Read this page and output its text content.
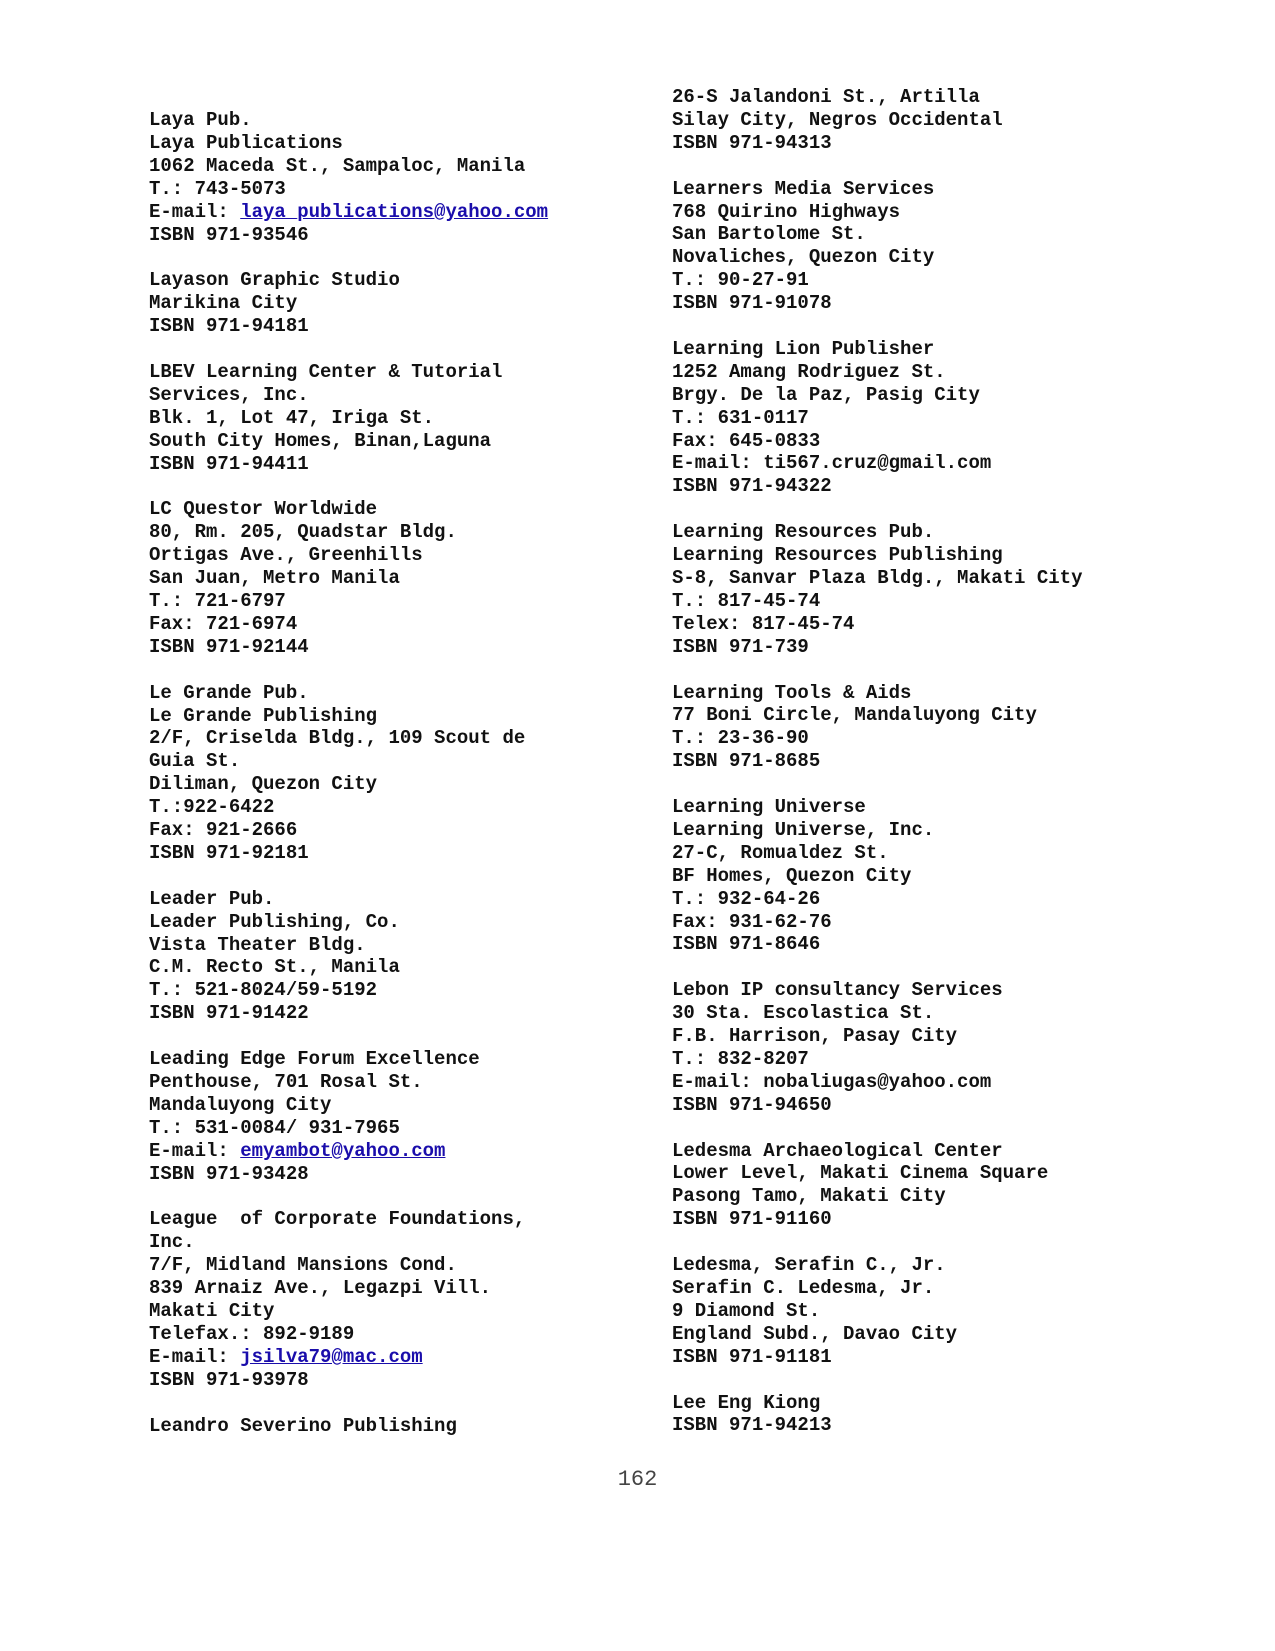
Laya Pub.
Laya Publications
1062 Maceda St., Sampaloc, Manila
T.: 743-5073
E-mail: laya_publications@yahoo.com
ISBN 971-93546
Layason Graphic Studio
Marikina City
ISBN 971-94181
LBEV Learning Center & Tutorial
Services, Inc.
Blk. 1, Lot 47, Iriga St.
South City Homes, Binan,Laguna
ISBN 971-94411
LC Questor Worldwide
80, Rm. 205, Quadstar Bldg.
Ortigas Ave., Greenhills
San Juan, Metro Manila
T.: 721-6797
Fax: 721-6974
ISBN 971-92144
Le Grande Pub.
Le Grande Publishing
2/F, Criselda Bldg., 109 Scout de
Guia St.
Diliman, Quezon City
T.:922-6422
Fax: 921-2666
ISBN 971-92181
Leader Pub.
Leader Publishing, Co.
Vista Theater Bldg.
C.M. Recto St., Manila
T.: 521-8024/59-5192
ISBN 971-91422
Leading Edge Forum Excellence
Penthouse, 701 Rosal St.
Mandaluyong City
T.: 531-0084/ 931-7965
E-mail: emyambot@yahoo.com
ISBN 971-93428
League  of Corporate Foundations,
Inc.
7/F, Midland Mansions Cond.
839 Arnaiz Ave., Legazpi Vill.
Makati City
Telefax.: 892-9189
E-mail: jsilva79@mac.com
ISBN 971-93978
Leandro Severino Publishing
26-S Jalandoni St., Artilla
Silay City, Negros Occidental
ISBN 971-94313
Learners Media Services
768 Quirino Highways
San Bartolome St.
Novaliches, Quezon City
T.: 90-27-91
ISBN 971-91078
Learning Lion Publisher
1252 Amang Rodriguez St.
Brgy. De la Paz, Pasig City
T.: 631-0117
Fax: 645-0833
E-mail: ti567.cruz@gmail.com
ISBN 971-94322
Learning Resources Pub.
Learning Resources Publishing
S-8, Sanvar Plaza Bldg., Makati City
T.: 817-45-74
Telex: 817-45-74
ISBN 971-739
Learning Tools & Aids
77 Boni Circle, Mandaluyong City
T.: 23-36-90
ISBN 971-8685
Learning Universe
Learning Universe, Inc.
27-C, Romualdez St.
BF Homes, Quezon City
T.: 932-64-26
Fax: 931-62-76
ISBN 971-8646
Lebon IP consultancy Services
30 Sta. Escolastica St.
F.B. Harrison, Pasay City
T.: 832-8207
E-mail: nobaliugas@yahoo.com
ISBN 971-94650
Ledesma Archaeological Center
Lower Level, Makati Cinema Square
Pasong Tamo, Makati City
ISBN 971-91160
Ledesma, Serafin C., Jr.
Serafin C. Ledesma, Jr.
9 Diamond St.
England Subd., Davao City
ISBN 971-91181
Lee Eng Kiong
ISBN 971-94213
162
